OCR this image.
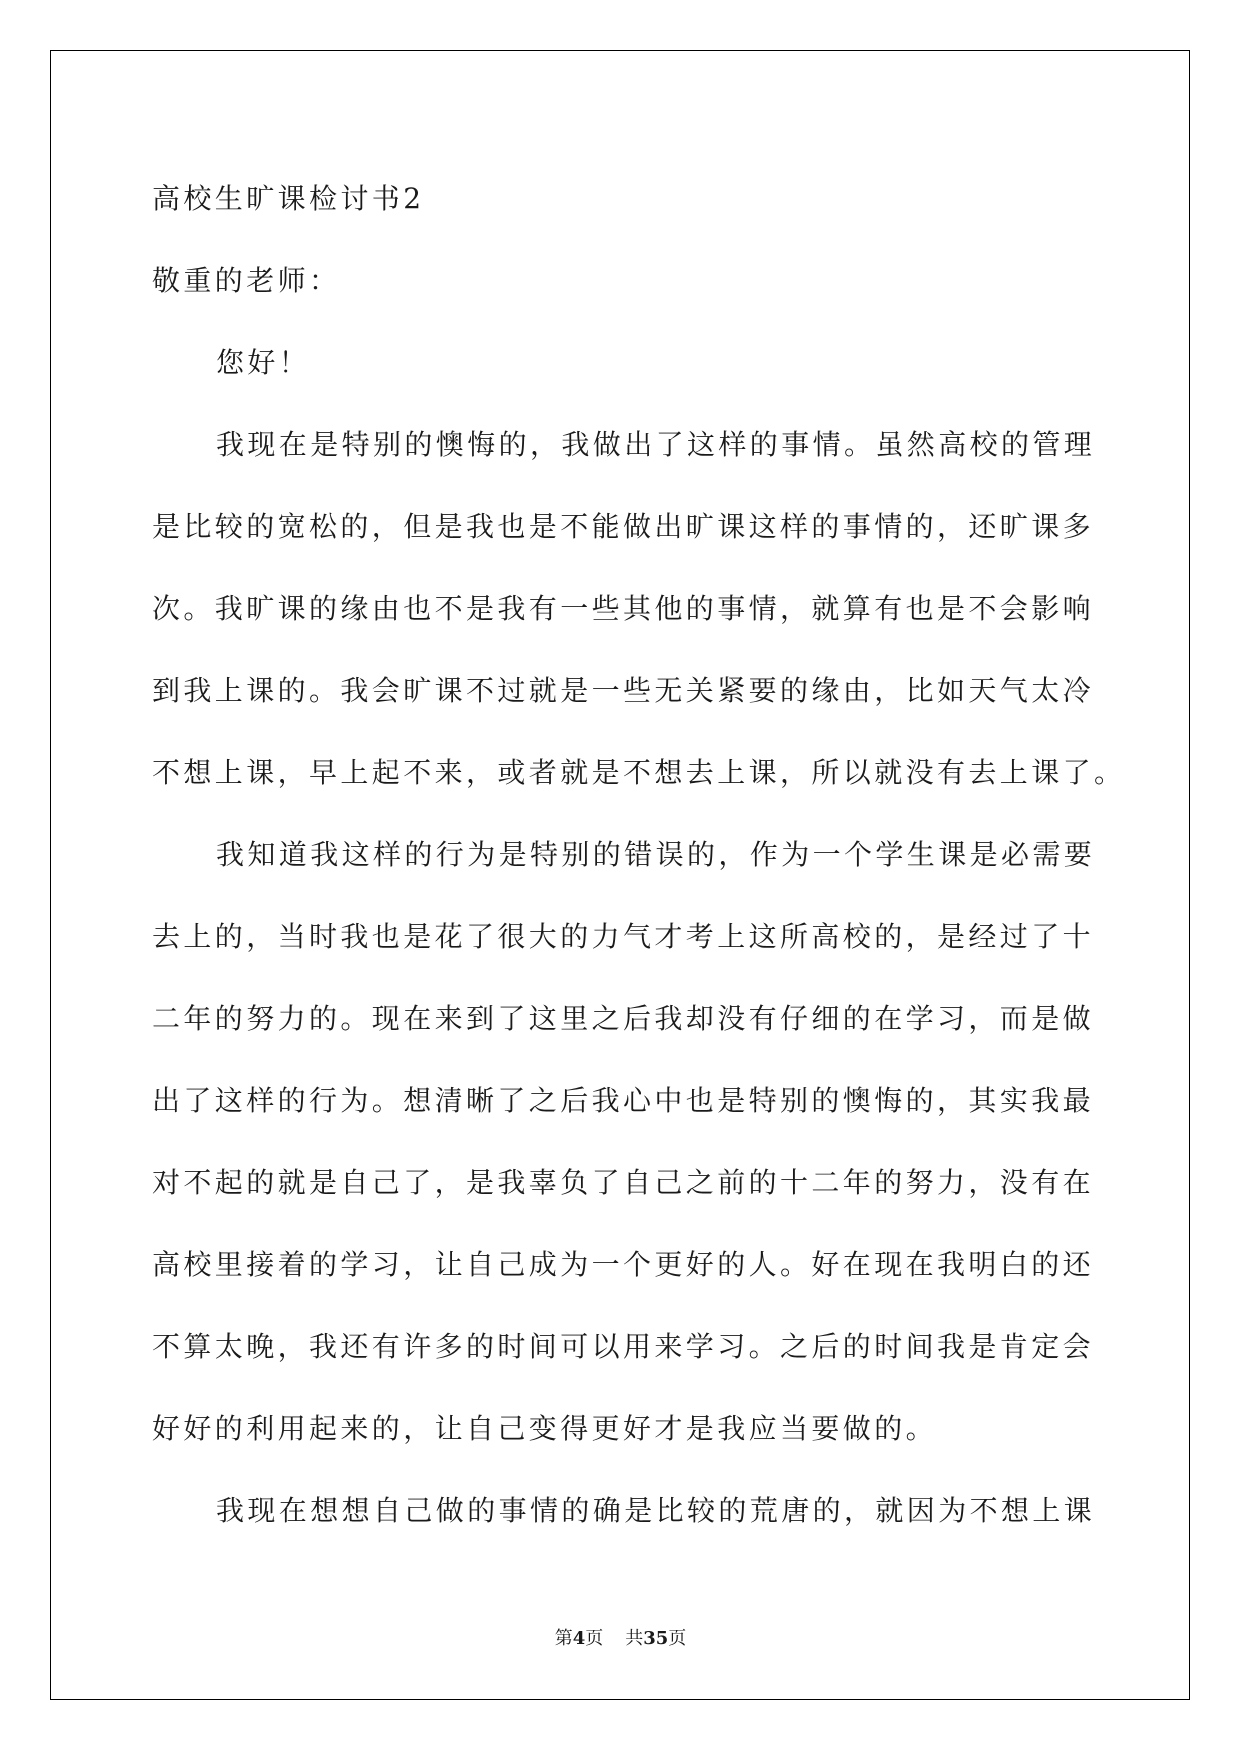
高校生旷课检讨书2
敬重的老师：
您好！
我现在是特别的懊悔的，我做出了这样的事情。虽然高校的管理
是比较的宽松的，但是我也是不能做出旷课这样的事情的，还旷课多
次。我旷课的缘由也不是我有一些其他的事情，就算有也是不会影响
到我上课的。我会旷课不过就是一些无关紧要的缘由，比如天气太冷
不想上课，早上起不来，或者就是不想去上课，所以就没有去上课了。
我知道我这样的行为是特别的错误的，作为一个学生课是必需要
去上的，当时我也是花了很大的力气才考上这所高校的，是经过了十
二年的努力的。现在来到了这里之后我却没有仔细的在学习，而是做
出了这样的行为。想清晰了之后我心中也是特别的懊悔的，其实我最
对不起的就是自己了，是我辜负了自己之前的十二年的努力，没有在
高校里接着的学习，让自己成为一个更好的人。好在现在我明白的还
不算太晚，我还有许多的时间可以用来学习。之后的时间我是肯定会
好好的利用起来的，让自己变得更好才是我应当要做的。
我现在想想自己做的事情的确是比较的荒唐的，就因为不想上课
第4页 共35页
